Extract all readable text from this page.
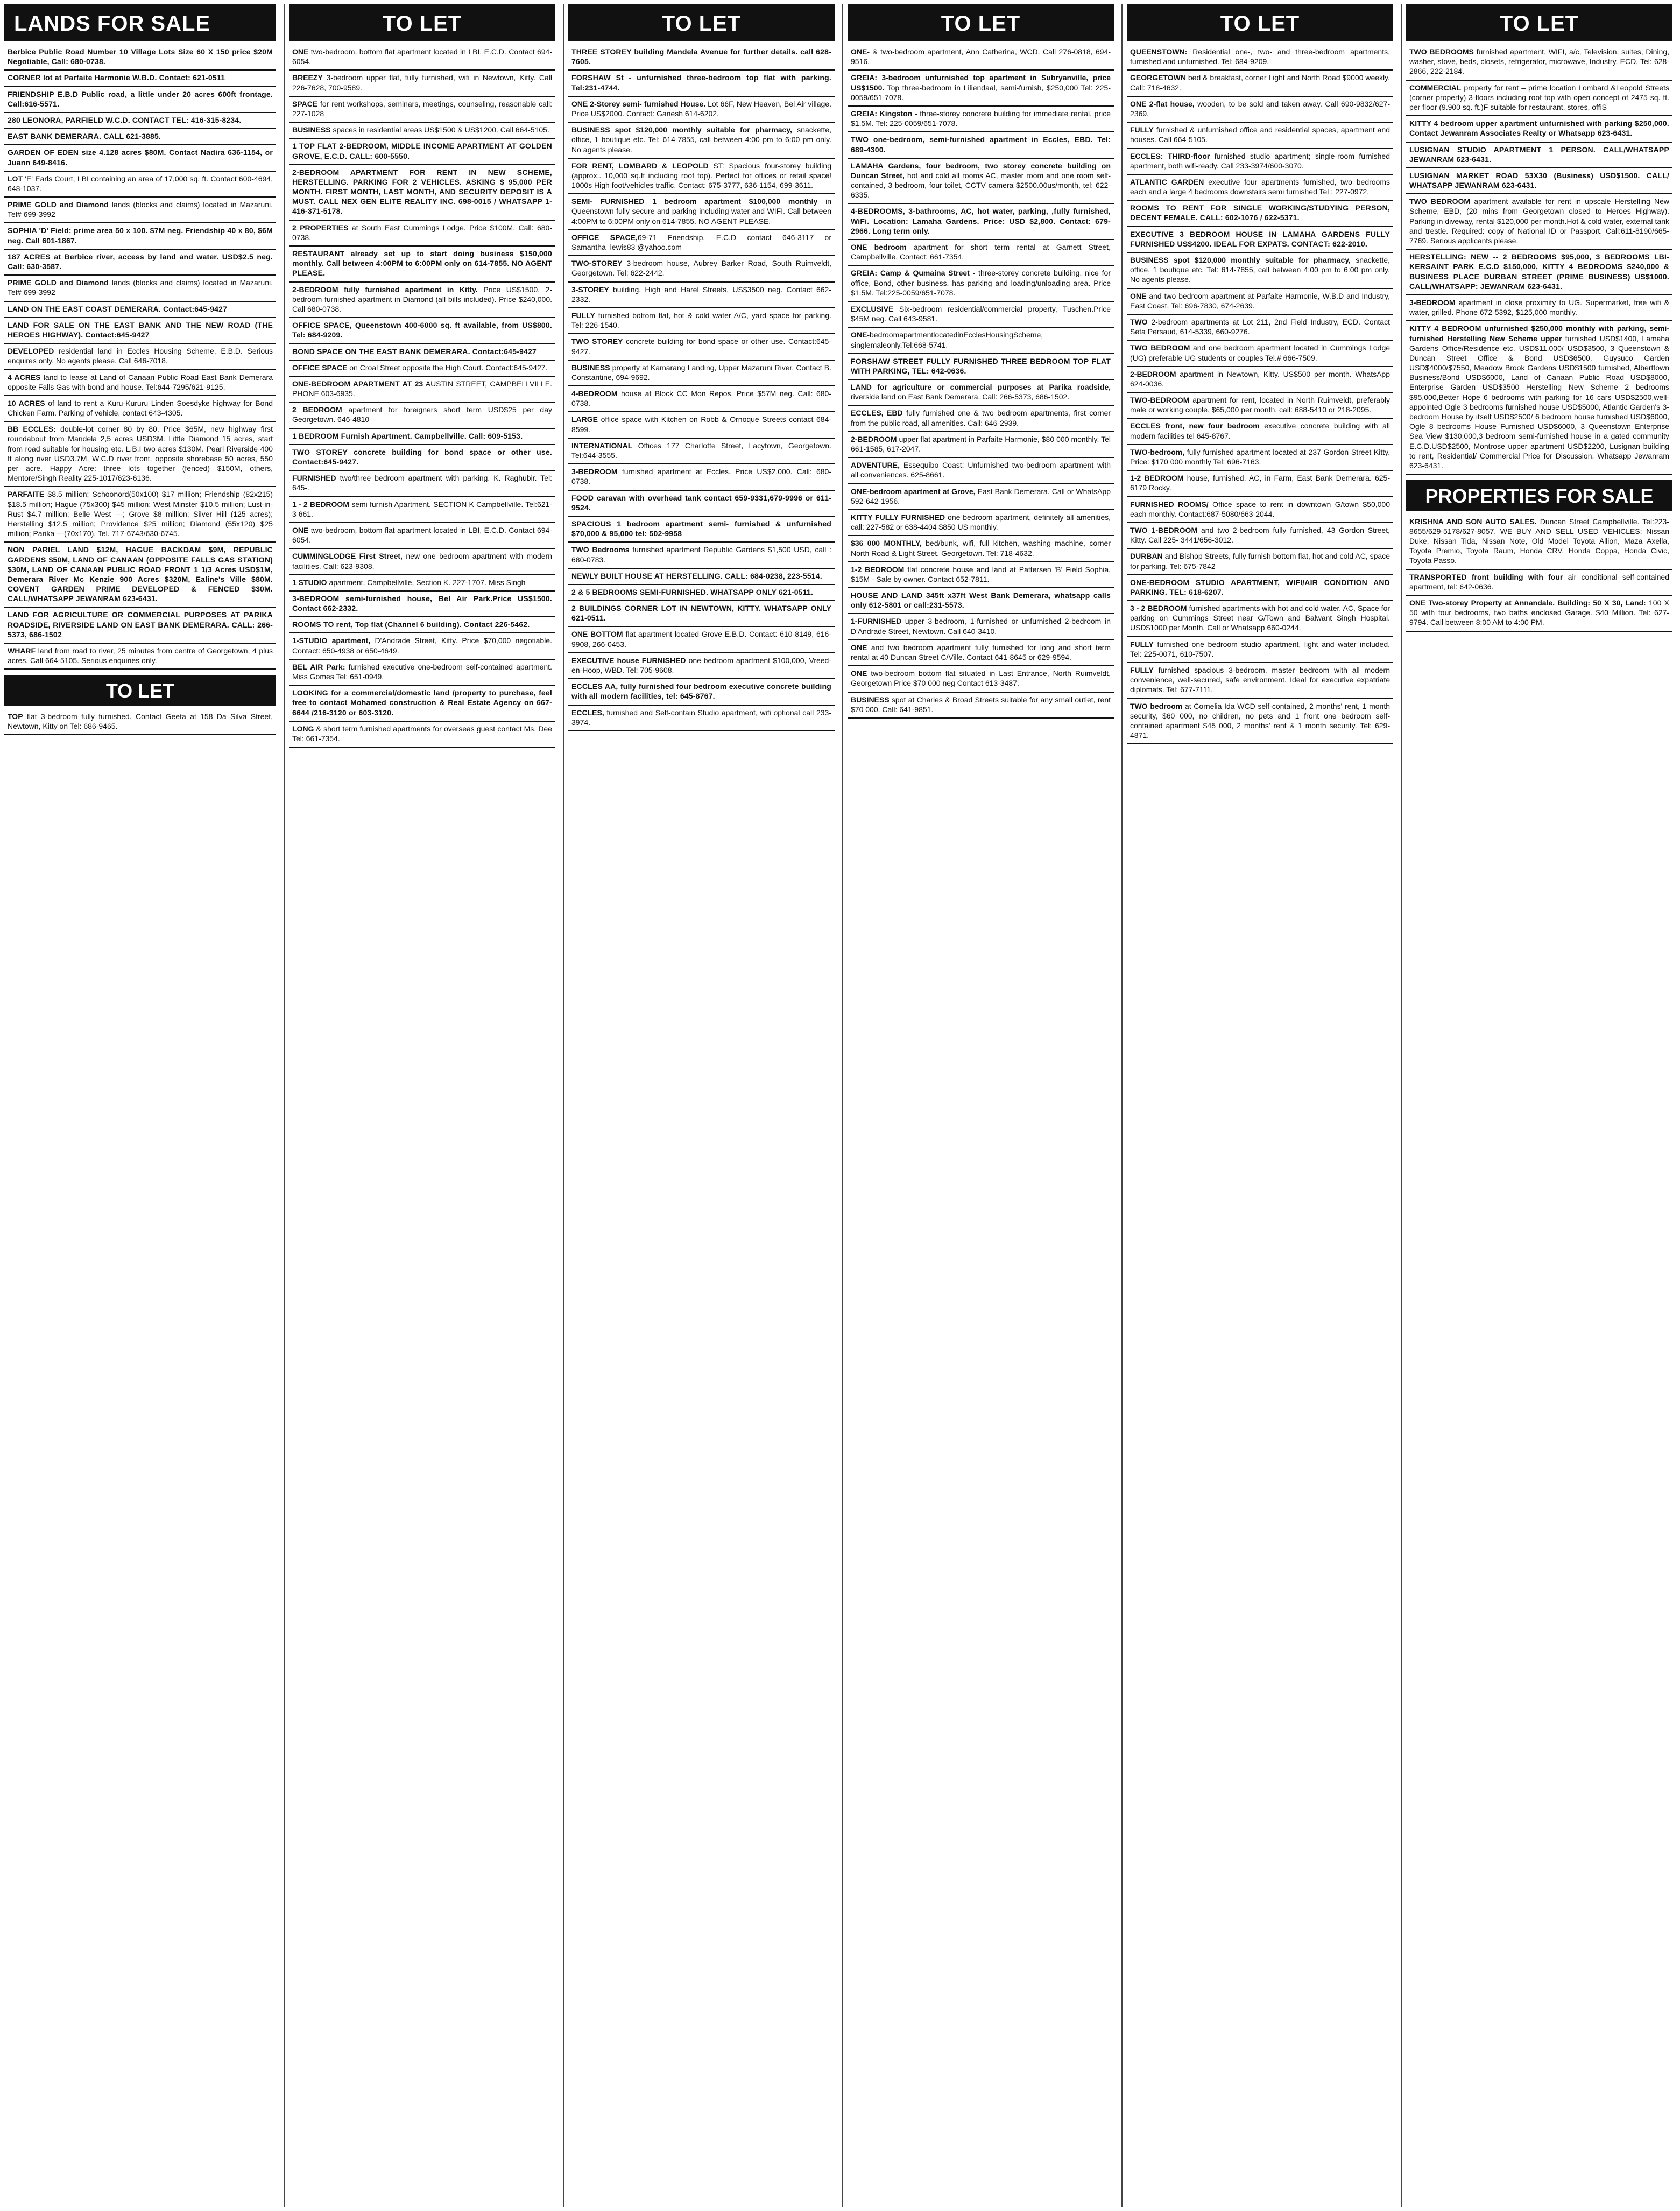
LANDS FOR SALE
Berbice Public Road Number 10 Village Lots Size 60 X 150 price $20M Negotiable, Call: 680-0738.
CORNER lot at Parfaite Harmonie W.B.D. Contact: 621-0511
FRIENDSHIP E.B.D Public road, a little under 20 acres 600ft frontage. Call:616-5571.
280 LEONORA, PARFIELD W.C.D. CONTACT TEL: 416-315-8234.
EAST BANK DEMERARA. CALL 621-3885.
GARDEN OF EDEN size 4.128 acres $80M. Contact Nadira 636-1154, or Juann 649-8416.
LOT 'E' Earls Court, LBI containing an area of 17,000 sq. ft. Contact 600-4694, 648-1037.
PRIME GOLD and Diamond lands (blocks and claims) located in Mazaruni. Tel# 699-3992
SOPHIA 'D' Field: prime area 50 x 100. $7M neg. Friendship 40 x 80, $6M neg. Call 601-1867.
187 ACRES at Berbice river, access by land and water. USD$2.5 neg. Call: 630-3587.
PRIME GOLD and Diamond lands (blocks and claims) located in Mazaruni. Tel# 699-3992
LAND ON THE EAST COAST DEMERARA. Contact:645-9427
LAND FOR SALE ON THE EAST BANK AND THE NEW ROAD (THE HEROES HIGHWAY). Contact:645-9427
DEVELOPED residential land in Eccles Housing Scheme, E.B.D. Serious enquires only. No agents please. Call 646-7018.
4 ACRES land to lease at Land of Canaan Public Road East Bank Demerara opposite Falls Gas with bond and house. Tel:644-7295/621-9125.
10 ACRES of land to rent a Kuru-Kururu Linden Soesdyke highway for Bond Chicken Farm. Parking of vehicle, contact 643-4305.
BB ECCLES: double-lot corner 80 by 80. Price $65M, new highway first roundabout from Mandela 2,5 acres USD3M. Little Diamond 15 acres, start from road suitable for housing etc. L.B.I two acres $130M. Pearl Riverside 400 ft along river USD3.7M, W.C.D river front, opposite shorebase 50 acres, 550 per acre. Happy Acre: three lots together (fenced) $150M, others, Mentore/Singh Reality 225-1017/623-6136.
PARFAITE $8.5 million; Schoonord(50x100) $17 million; Friendship (82x215) $18.5 million; Hague (75x300) $45 million; West Minster $10.5 million; Lust-in-Rust $4.7 million; Belle West ---; Grove $8 million; Silver Hill (125 acres); Herstelling $12.5 million; Providence $25 million; Diamond (55x120) $25 million; Parika ---(70x170). Tel. 717-6743/630-6745.
NON PARIEL LAND $12M, HAGUE BACKDAM $9M, REPUBLIC GARDENS $50M, LAND OF CANAAN (OPPOSITE FALLS GAS STATION) $30M, LAND OF CANAAN PUBLIC ROAD FRONT 1 1/3 Acres USD$1M, Demerara River Mc Kenzie 900 Acres $320M, Ealine's Ville $80M. COVENT GARDEN PRIME DEVELOPED & FENCED $30M. CALL/WHATSAPP JEWANRAM 623-6431.
LAND FOR AGRICULTURE OR COMMERCIAL PURPOSES AT PARIKA ROADSIDE, RIVERSIDE LAND ON EAST BANK DEMERARA. CALL: 266-5373, 686-1502
WHARF land from road to river, 25 minutes from centre of Georgetown, 4 plus acres. Call 664-5105. Serious enquiries only.
TO LET
TOP flat 3-bedroom fully furnished. Contact Geeta at 158 Da Silva Street, Newtown, Kitty on Tel: 686-9465.
TO LET
ONE two-bedroom, bottom flat apartment located in LBI, E.C.D. Contact 694-6054.
BREEZY 3-bedroom upper flat, fully furnished, wifi in Newtown, Kitty. Call 226-7628, 700-9589.
SPACE for rent workshops, seminars, meetings, counseling, reasonable call: 227-1028
BUSINESS spaces in residential areas US$1500 & US$1200. Call 664-5105.
1 TOP FLAT 2-BEDROOM, MIDDLE INCOME APARTMENT AT GOLDEN GROVE, E.C.D. CALL: 600-5550.
2-BEDROOM APARTMENT FOR RENT IN NEW SCHEME, HERSTELLING. PARKING FOR 2 VEHICLES. ASKING $ 95,000 PER MONTH. FIRST MONTH, LAST MONTH, AND SECURITY DEPOSIT IS A MUST. CALL NEX GEN ELITE REALITY INC. 698-0015 / WHATSAPP 1-416-371-5178.
2 PROPERTIES at South East Cummings Lodge. Price $100M. Call: 680-0738.
RESTAURANT already set up to start doing business $150,000 monthly. Call between 4:00PM to 6:00PM only on 614-7855. NO AGENT PLEASE.
2-BEDROOM fully furnished apartment in Kitty. Price US$1500. 2-bedroom furnished apartment in Diamond (all bills included). Price $240,000. Call 680-0738.
OFFICE SPACE, Queenstown 400-6000 sq. ft available, from US$800. Tel: 684-9209.
BOND SPACE ON THE EAST BANK DEMERARA. Contact:645-9427
OFFICE SPACE on Croal Street opposite the High Court. Contact:645-9427.
ONE-BEDROOM APARTMENT AT 23 AUSTIN STREET, CAMPBELLVILLE. PHONE 603-6935.
2 BEDROOM apartment for foreigners short term USD$25 per day Georgetown. 646-4810
1 BEDROOM Furnish Apartment. Campbellville. Call: 609-5153.
TWO STOREY concrete building for bond space or other use. Contact:645-9427.
FURNISHED two/three bedroom apartment with parking. K. Raghubir. Tel: 645-.
1 - 2 BEDROOM semi furnish Apartment. SECTION K Campbellville. Tel:621-3 661.
ONE two-bedroom, bottom flat apartment located in LBI, E.C.D. Contact 694-6054.
CUMMINGLODGE First Street, new one bedroom apartment with modern facilities. Call: 623-9308.
1 STUDIO apartment, Campbellville, Section K. 227-1707. Miss Singh
3-BEDROOM semi-furnished house, Bel Air Park.Price US$1500. Contact 662-2332.
ROOMS TO rent, Top flat (Channel 6 building). Contact 226-5462.
1-STUDIO apartment, D'Andrade Street, Kitty. Price $70,000 negotiable. Contact: 650-4938 or 650-4649.
BEL AIR Park: furnished executive one-bedroom self-contained apartment. Miss Gomes Tel: 651-0949.
LOOKING for a commercial/domestic land /property to purchase, feel free to contact Mohamed construction & Real Estate Agency on 667-6644 /216-3120 or 603-3120.
LONG & short term furnished apartments for overseas guest contact Ms. Dee Tel: 661-7354.
TO LET
THREE STOREY building Mandela Avenue for further details. call 628-7605.
FORSHAW St - unfurnished three-bedroom top flat with parking. Tel:231-4744.
ONE 2-Storey semi- furnished House. Lot 66F, New Heaven, Bel Air village. Price US$2000. Contact: Ganesh 614-6202.
BUSINESS spot $120,000 monthly suitable for pharmacy, snackette, office, 1 boutique etc. Tel: 614-7855, call between 4:00 pm to 6:00 pm only. No agents please.
FOR RENT, LOMBARD & LEOPOLD ST: Spacious four-storey building (approx.. 10,000 sq.ft including roof top). Perfect for offices or retail space! 1000s High foot/vehicles traffic. Contact: 675-3777, 636-1154, 699-3611.
SEMI- FURNISHED 1 bedroom apartment $100,000 monthly in Queenstown fully secure and parking including water and WIFI. Call between 4:00PM to 6:00PM only on 614-7855. NO AGENT PLEASE.
OFFICE SPACE,69-71 Friendship, E.C.D contact 646-3117 or Samantha_lewis83 @yahoo.com
TWO-STOREY 3-bedroom house, Aubrey Barker Road, South Ruimveldt, Georgetown. Tel: 622-2442.
3-STOREY building, High and Harel Streets, US$3500 neg. Contact 662-2332.
FULLY furnished bottom flat, hot & cold water A/C, yard space for parking. Tel: 226-1540.
TWO STOREY concrete building for bond space or other use. Contact:645-9427.
BUSINESS property at Kamarang Landing, Upper Mazaruni River. Contact B. Constantine, 694-9692.
4-BEDROOM house at Block CC Mon Repos. Price $57M neg. Call: 680-0738.
LARGE office space with Kitchen on Robb & Ornoque Streets contact 684-8599.
INTERNATIONAL Offices 177 Charlotte Street, Lacytown, Georgetown. Tel:644-3555.
3-BEDROOM furnished apartment at Eccles. Price US$2,000. Call: 680-0738.
FOOD caravan with overhead tank contact 659-9331,679-9996 or 611-9524.
SPACIOUS 1 bedroom apartment semi- furnished & unfurnished $70,000 & 95,000 tel: 502-9958
TWO Bedrooms furnished apartment Republic Gardens $1,500 USD, call : 680-0783.
NEWLY BUILT HOUSE AT HERSTELLING. CALL: 684-0238, 223-5514.
2 & 5 BEDROOMS SEMI-FURNISHED. WHATSAPP ONLY 621-0511.
2 BUILDINGS CORNER LOT IN NEWTOWN, KITTY. WHATSAPP ONLY 621-0511.
ONE BOTTOM flat apartment located Grove E.B.D. Contact: 610-8149, 616-9908, 266-0453.
EXECUTIVE house FURNISHED one-bedroom apartment $100,000, Vreed-en-Hoop, WBD. Tel: 705-9608.
ECCLES AA, fully furnished four bedroom executive concrete building with all modern facilities, tel: 645-8767.
ECCLES, furnished and Self-contain Studio apartment, wifi optional call 233-3974.
TO LET
ONE- & two-bedroom apartment, Ann Catherina, WCD. Call 276-0818, 694-9516.
GREIA: 3-bedroom unfurnished top apartment in Subryanville, price US$1500. Top three-bedroom in Liliendaal, semi-furnish, $250,000 Tel: 225-0059/651-7078.
GREIA: Kingston - three-storey concrete building for immediate rental, price $1.5M. Tel: 225-0059/651-7078.
TWO one-bedroom, semi-furnished apartment in Eccles, EBD. Tel: 689-4300.
LAMAHA Gardens, four bedroom, two storey concrete building on Duncan Street, hot and cold all rooms AC, master room and one room self-contained, 3 bedroom, four toilet, CCTV camera $2500.00us/month, tel: 622-6335.
4-BEDROOMS, 3-bathrooms, AC, hot water, parking, ,fully furnished, WiFi. Location: Lamaha Gardens. Price: USD $2,800. Contact: 679-2966. Long term only.
ONE bedroom apartment for short term rental at Garnett Street, Campbellville. Contact: 661-7354.
GREIA: Camp & Qumaina Street - three-storey concrete building, nice for office, Bond, other business, has parking and loading/unloading area. Price $1.5M. Tel:225-0059/651-7078.
EXCLUSIVE Six-bedroom residential/commercial property, Tuschen.Price $45M neg. Call 643-9581.
ONE-bedroomapartmentlocatedinEcclesHousingScheme, singlemaleonly.Tel:668-5741.
FORSHAW STREET FULLY FURNISHED THREE BEDROOM TOP FLAT WITH PARKING, TEL: 642-0636.
LAND for agriculture or commercial purposes at Parika roadside, riverside land on East Bank Demerara. Call: 266-5373, 686-1502.
ECCLES, EBD fully furnished one & two bedroom apartments, first corner from the public road, all amenities. Call: 646-2939.
2-BEDROOM upper flat apartment in Parfaite Harmonie, $80 000 monthly. Tel 661-1585, 617-2047.
ADVENTURE, Essequibo Coast: Unfurnished two-bedroom apartment with all conveniences. 625-8661.
ONE-bedroom apartment at Grove, East Bank Demerara. Call or WhatsApp 592-642-1956.
KITTY FULLY FURNISHED one bedroom apartment, definitely all amenities, call: 227-582 or 638-4404 $850 US monthly.
$36 000 MONTHLY, bed/bunk, wifi, full kitchen, washing machine, corner North Road & Light Street, Georgetown. Tel: 718-4632.
1-2 BEDROOM flat concrete house and land at Pattersen 'B' Field Sophia, $15M - Sale by owner. Contact 652-7811.
HOUSE AND LAND 345ft x37ft West Bank Demerara, whatsapp calls only 612-5801 or call:231-5573.
1-FURNISHED upper 3-bedroom, 1-furnished or unfurnished 2-bedroom in D'Andrade Street, Newtown. Call 640-3410.
ONE and two bedroom apartment fully furnished for long and short term rental at 40 Duncan Street C/Ville. Contact 641-8645 or 629-9594.
ONE two-bedroom bottom flat situated in Last Entrance, North Ruimveldt, Georgetown Price $70 000 neg Contact 613-3487.
BUSINESS spot at Charles & Broad Streets suitable for any small outlet, rent $70 000. Call: 641-9851.
TO LET
QUEENSTOWN: Residential one-, two- and three-bedroom apartments, furnished and unfurnished. Tel: 684-9209.
GEORGETOWN bed & breakfast, corner Light and North Road $9000 weekly. Call: 718-4632.
ONE 2-flat house, wooden, to be sold and taken away. Call 690-9832/627-2369.
FULLY furnished & unfurnished office and residential spaces, apartment and houses. Call 664-5105.
ECCLES: THIRD-floor furnished studio apartment; single-room furnished apartment, both wifi-ready. Call 233-3974/600-3070.
ATLANTIC GARDEN executive four apartments furnished, two bedrooms each and a large 4 bedrooms downstairs semi furnished Tel : 227-0972.
ROOMS TO RENT FOR SINGLE WORKING/STUDYING PERSON, DECENT FEMALE. CALL: 602-1076 / 622-5371.
EXECUTIVE 3 BEDROOM HOUSE IN LAMAHA GARDENS FULLY FURNISHED US$4200. IDEAL FOR EXPATS. CONTACT: 622-2010.
BUSINESS spot $120,000 monthly suitable for pharmacy, snackette, office, 1 boutique etc. Tel: 614-7855, call between 4:00 pm to 6:00 pm only. No agents please.
ONE and two bedroom apartment at Parfaite Harmonie, W.B.D and Industry, East Coast. Tel: 696-7830, 674-2639.
TWO 2-bedroom apartments at Lot 211, 2nd Field Industry, ECD. Contact Seta Persaud, 614-5339, 660-9276.
TWO BEDROOM and one bedroom apartment located in Cummings Lodge (UG) preferable UG students or couples Tel.# 666-7509.
2-BEDROOM apartment in Newtown, Kitty. US$500 per month. WhatsApp 624-0036.
TWO-BEDROOM apartment for rent, located in North Ruimveldt, preferably male or working couple. $65,000 per month, call: 688-5410 or 218-2095.
ECCLES front, new four bedroom executive concrete building with all modern facilities tel 645-8767.
TWO-bedroom, fully furnished apartment located at 237 Gordon Street Kitty. Price: $170 000 monthly Tel: 696-7163.
1-2 BEDROOM house, furnished, AC, in Farm, East Bank Demerara. 625-6179 Rocky.
FURNISHED ROOMS/ Office space to rent in downtown G/town $50,000 each monthly. Contact:687-5080/663-2044.
TWO 1-BEDROOM and two 2-bedroom fully furnished, 43 Gordon Street, Kitty. Call 225- 3441/656-3012.
DURBAN and Bishop Streets, fully furnish bottom flat, hot and cold AC, space for parking. Tel: 675-7842
ONE-BEDROOM STUDIO APARTMENT, WIFI/AIR CONDITION AND PARKING. TEL: 618-6207.
3 - 2 BEDROOM furnished apartments with hot and cold water, AC, Space for parking on Cummings Street near G/Town and Balwant Singh Hospital. USD$1000 per Month. Call or Whatsapp 660-0244.
FULLY furnished one bedroom studio apartment, light and water included. Tel: 225-0071, 610-7507.
FULLY furnished spacious 3-bedroom, master bedroom with all modern convenience, well-secured, safe environment. Ideal for executive expatriate diplomats. Tel: 677-7111.
TWO bedroom at Cornelia Ida WCD self-contained, 2 months' rent, 1 month security, $60 000, no children, no pets and 1 front one bedroom self-contained apartment $45 000, 2 months' rent & 1 month security. Tel: 629-4871.
TO LET
TWO BEDROOMS furnished apartment, WIFI, a/c, Television, suites, Dining, washer, stove, beds, closets, refrigerator, microwave, Industry, ECD, Tel: 628-2866, 222-2184.
COMMERCIAL property for rent – prime location Lombard &Leopold Streets (corner property) 3-floors including roof top with open concept of 2475 sq. ft. per floor (9.900 sq. ft.)F suitable for restaurant, stores, offiS
KITTY 4 bedroom upper apartment unfurnished with parking $250,000. Contact Jewanram Associates Realty or Whatsapp 623-6431.
LUSIGNAN STUDIO APARTMENT 1 PERSON. CALL/WHATSAPP JEWANRAM 623-6431.
LUSIGNAN MARKET ROAD 53X30 (Business) USD$1500. CALL/ WHATSAPP JEWANRAM 623-6431.
TWO BEDROOM apartment available for rent in upscale Herstelling New Scheme, EBD, (20 mins from Georgetown closed to Heroes Highway). Parking in diveway, rental $120,000 per month.Hot & cold water, external tank and trestle. Required: copy of National ID or Passport. Call:611-8190/665-7769. Serious applicants please.
HERSTELLING: NEW -- 2 BEDROOMS $95,000, 3 BEDROOMS LBI-KERSAINT PARK E.C.D $150,000, KITTY 4 BEDROOMS $240,000 & BUSINESS PLACE DURBAN STREET (PRIME BUSINESS) US$1000. CALL/WHATSAPP: JEWANRAM 623-6431.
3-BEDROOM apartment in close proximity to UG. Supermarket, free wifi & water, grilled. Phone 672-5392, $125,000 monthly.
KITTY 4 BEDROOM unfurnished $250,000 monthly with parking, semi-furnished Herstelling New Scheme upper furnished USD$1400, Lamaha Gardens Office/Residence etc. USD$11,000/ USD$3500, 3 Queenstown & Duncan Street Office & Bond USD$6500, Guysuco Garden USD$4000/$7550, Meadow Brook Gardens USD$1500 furnished, Alberttown Business/Bond USD$6000, Land of Canaan Public Road USD$8000, Enterprise Garden USD$3500 Herstelling New Scheme 2 bedrooms $95,000,Better Hope 6 bedrooms with parking for 16 cars USD$2500,well-appointed Ogle 3 bedrooms furnished house USD$5000, Atlantic Garden's 3-bedroom House by itself USD$2500/ 6 bedroom house furnished USD$6000, Ogle 8 bedrooms House Furnished USD$6000, 3 Queenstown Enterprise Sea View $130,000,3 bedroom semi-furnished house in a gated community E.C.D.USD$2500, Montrose upper apartment USD$2200, Lusignan building to rent, Residential/ Commercial Price for Discussion. Whatsapp Jewanram 623-6431.
PROPERTIES FOR SALE
KRISHNA AND SON AUTO SALES. Duncan Street Campbellville. Tel:223-8655/629-5178/627-8057. WE BUY AND SELL USED VEHICLES: Nissan Duke, Nissan Tida, Nissan Note, Old Model Toyota Allion, Maza Axella, Toyota Premio, Toyota Raum, Honda CRV, Honda Coppa, Honda Civic, Toyota Passo.
TRANSPORTED front building with four air conditional self-contained apartment, tel: 642-0636.
ONE Two-storey Property at Annandale. Building: 50 X 30, Land: 100 X 50 with four bedrooms, two baths enclosed Garage. $40 Million. Tel: 627-9794. Call between 8:00 AM to 4:00 PM.
